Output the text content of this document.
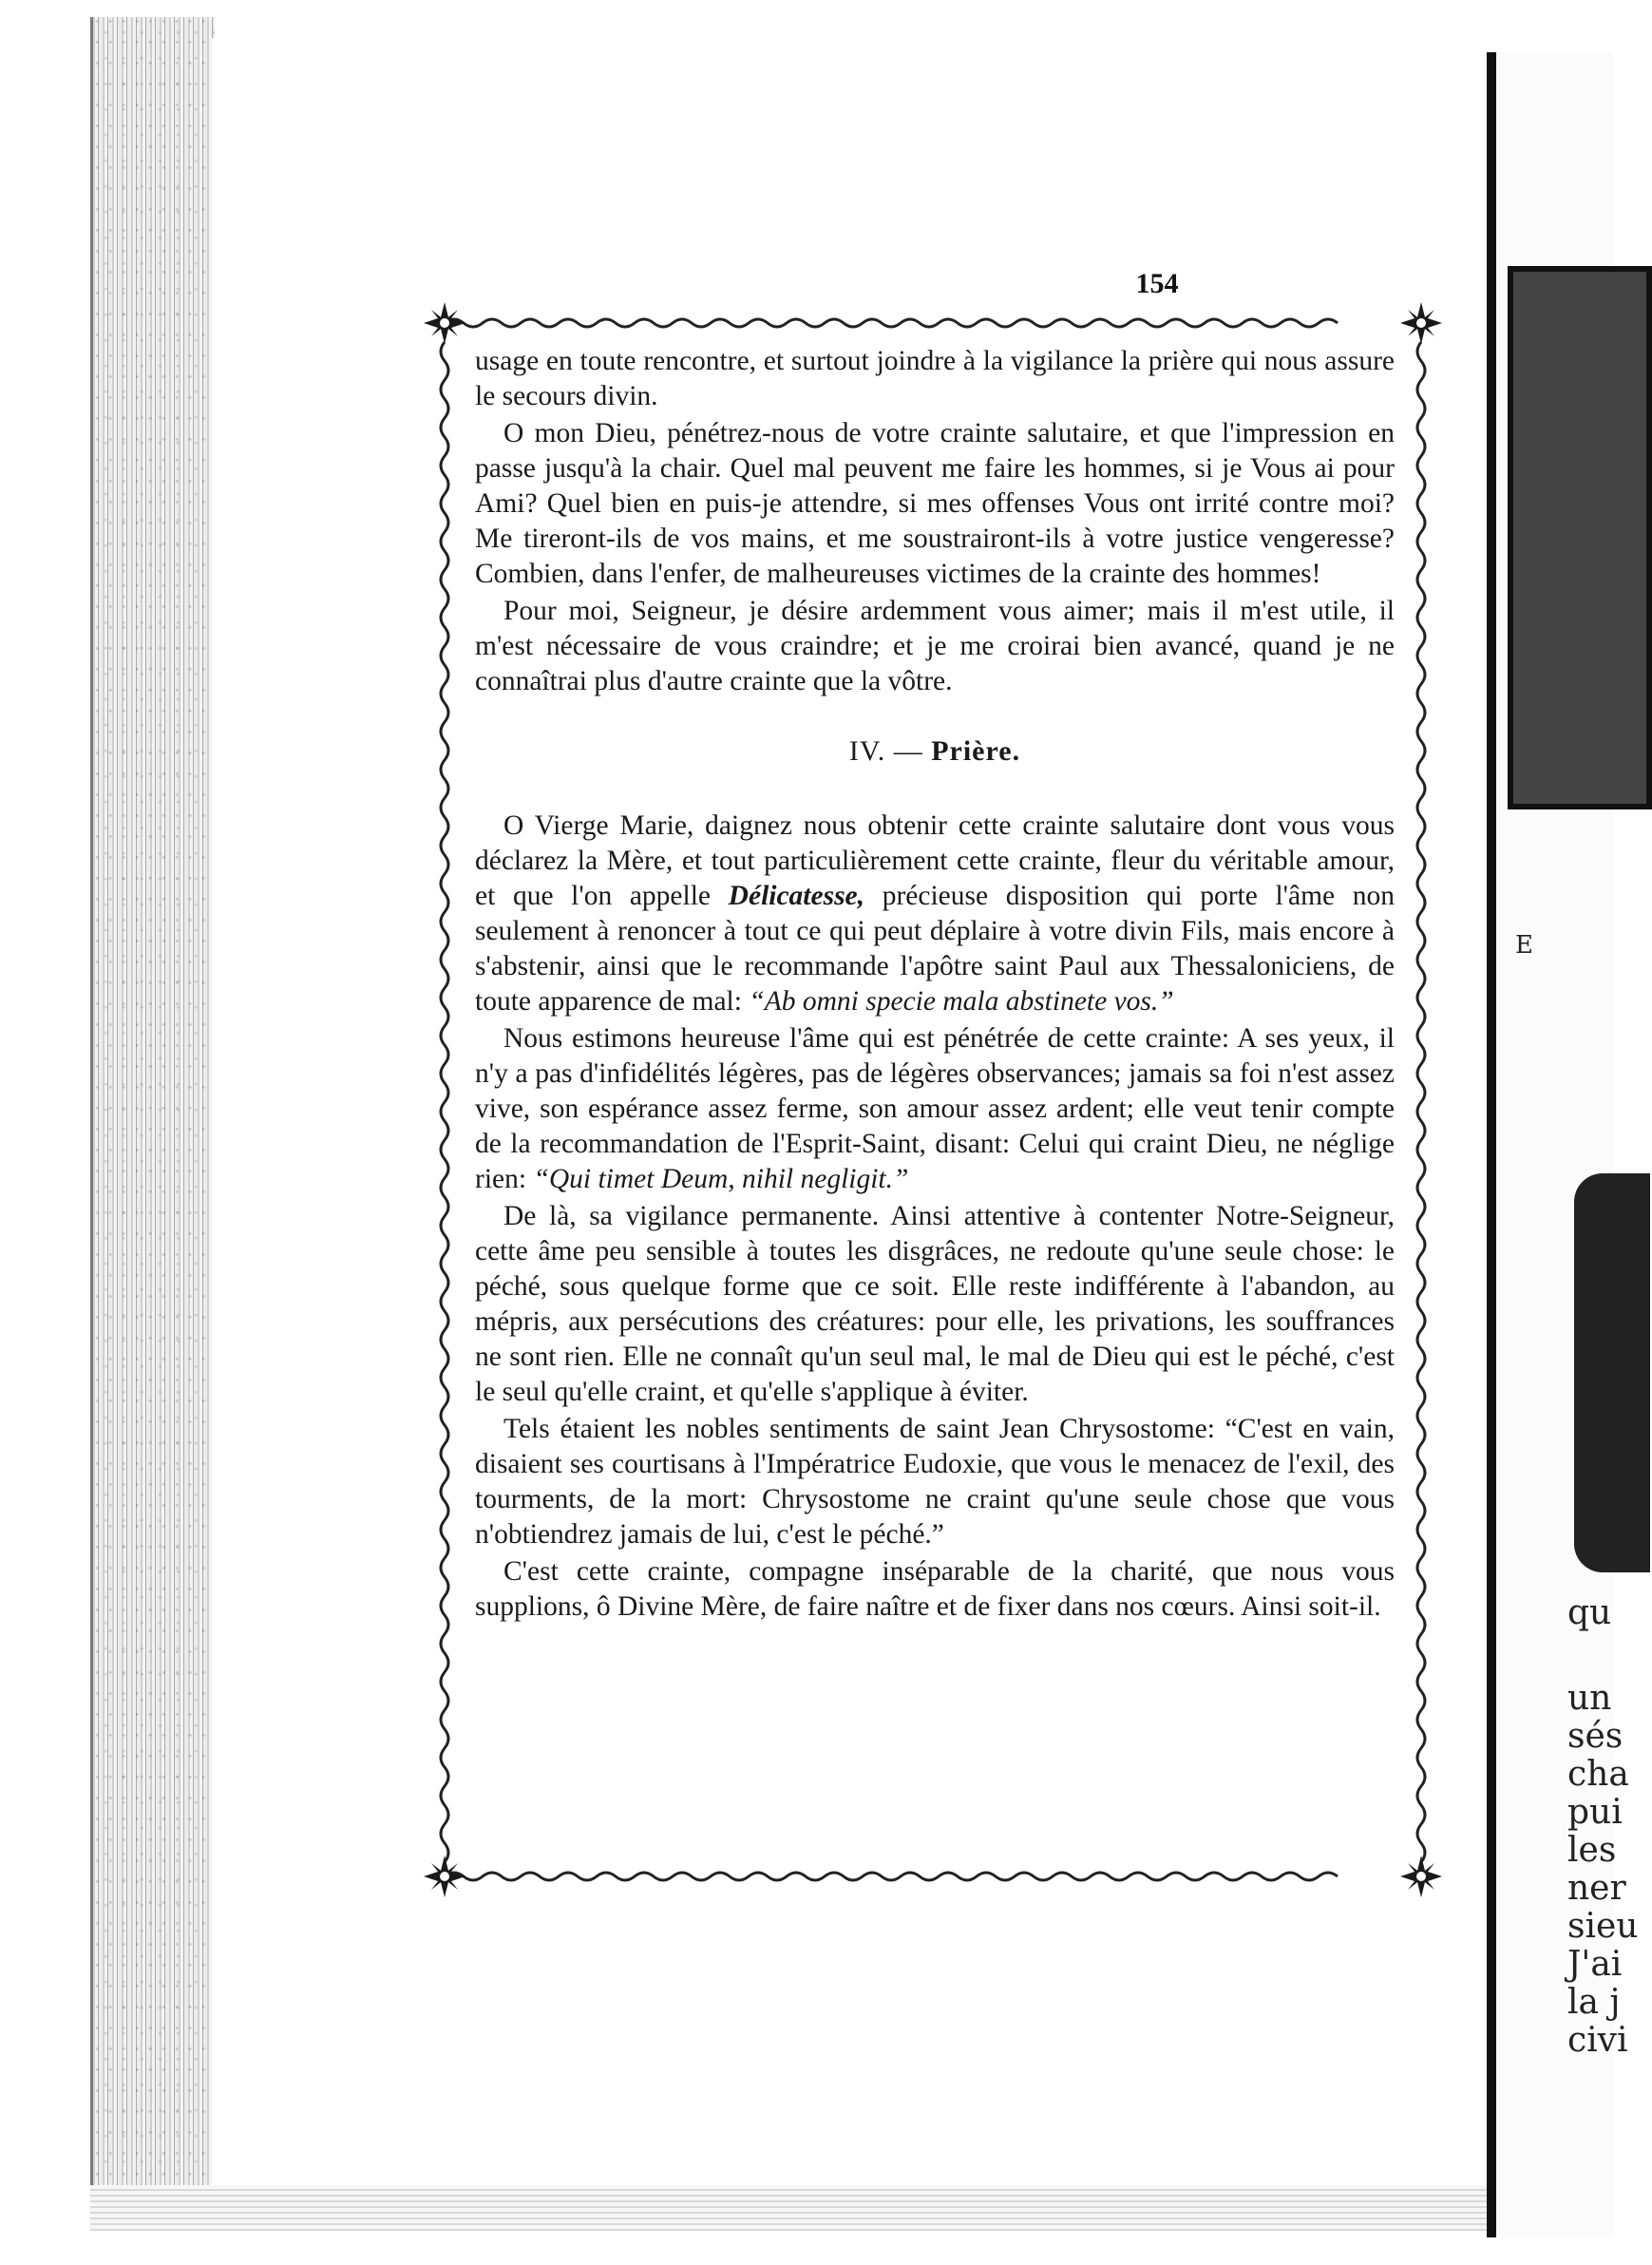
154

usage en toute rencontre, et surtout joindre à la vigilance la prière qui nous assure le secours divin.

O mon Dieu, pénétrez-nous de votre crainte salutaire, et que l'impression en passe jusqu'à la chair. Quel mal peuvent me faire les hommes, si je Vous ai pour Ami? Quel bien en puis-je attendre, si mes offenses Vous ont irrité contre moi? Me tireront-ils de vos mains, et me soustrairont-ils à votre justice vengeresse? Combien, dans l'enfer, de malheureuses victimes de la crainte des hommes!

Pour moi, Seigneur, je désire ardemment vous aimer; mais il m'est utile, il m'est nécessaire de vous craindre; et je me croirai bien avancé, quand je ne connaîtrai plus d'autre crainte que la vôtre.

IV. — Prière.

O Vierge Marie, daignez nous obtenir cette crainte salutaire dont vous vous déclarez la Mère, et tout particulièrement cette crainte, fleur du véritable amour, et que l'on appelle Délicatesse, précieuse disposition qui porte l'âme non seulement à renoncer à tout ce qui peut déplaire à votre divin Fils, mais encore à s'abstenir, ainsi que le recommande l'apôtre saint Paul aux Thessaloniciens, de toute apparence de mal: “Ab omni specie mala abstinete vos.”

Nous estimons heureuse l'âme qui est pénétrée de cette crainte: A ses yeux, il n'y a pas d'infidélités légères, pas de légères observances; jamais sa foi n'est assez vive, son espérance assez ferme, son amour assez ardent; elle veut tenir compte de la recommandation de l'Esprit-Saint, disant: Celui qui craint Dieu, ne néglige rien: “Qui timet Deum, nihil negligit.”

De là, sa vigilance permanente. Ainsi attentive à contenter Notre-Seigneur, cette âme peu sensible à toutes les disgrâces, ne redoute qu'une seule chose: le péché, sous quelque forme que ce soit. Elle reste indifférente à l'abandon, au mépris, aux persécutions des créatures: pour elle, les privations, les souffrances ne sont rien. Elle ne connaît qu'un seul mal, le mal de Dieu qui est le péché, c'est le seul qu'elle craint, et qu'elle s'applique à éviter.

Tels étaient les nobles sentiments de saint Jean Chrysostome: “C'est en vain, disaient ses courtisans à l'Impératrice Eudoxie, que vous le menacez de l'exil, des tourments, de la mort: Chrysostome ne craint qu'une seule chose que vous n'obtiendrez jamais de lui, c'est le péché.”

C'est cette crainte, compagne inséparable de la charité, que nous vous supplions, ô Divine Mère, de faire naître et de fixer dans nos cœurs. Ainsi soit-il.

E
qu
un
sés
cha
pui
les
ner
sieu
J'ai
la j
civi
